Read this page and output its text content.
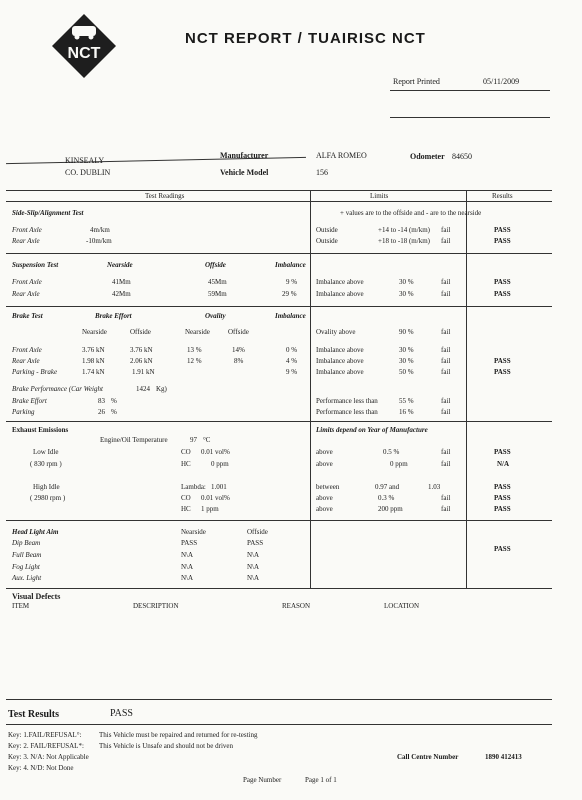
NCT
NCT REPORT / TUAIRISC NCT
Report Printed	05/11/2009
KINSEALY
Manufacturer	ALFA ROMEO	Odometer 84650
CO. DUBLIN	Vehicle Model	156
Test Readings	Limits	Results
Side-Slip/Alignment Test	+ values are to the offside and - are to the nearside
Front Axle	4m/km	Outside	+14 to -14 (m/km) fail	PASS
Rear Axle	-10m/km	Outside	+18 to -18 (m/km) fail	PASS
Suspension Test	Nearside	Offside	Imbalance
Front Axle	41Mm	45Mm	9 %	Imbalance above	30 %	fail	PASS
Rear Axle	42Mm	59Mm	29 %	Imbalance above	30 %	fail	PASS
Brake Test	Brake Effort	Ovality	Imbalance
Nearside	Offside	Nearside	Offside	Ovality above	90 %	fail
Front Axle	3.76 kN	3.76 kN	13 %	14%	0 %	Imbalance above	30 %	fail
Rear Axle	1.98 kN	2.06 kN	12 %	8%	4 %	Imbalance above	30 %	fail	PASS
Parking - Brake	1.74 kN	1.91 kN	9 %	Imbalance above	50 %	fail	PASS
Brake Performance (Car Weight	1424 Kg)
Brake Effort	83 %	Performance less than	55 %	fail
Parking	26 %	Performance less than	16 %	fail
Exhaust Emissions	Limits depend on Year of Manufacture
Engine/Oil Temperature	97 °C
Low Idle
( 830 rpm )
CO 0.01 vol%	above	0.5 %	fail	PASS
HC	0 ppm	above	0 ppm	fail	N/A
High Idle
( 2980 rpm )
Lambda: 1.001	between	0.97 and	1.03	PASS
CO 0.01 vol%	above	0.3 %	fail	PASS
HC 1 ppm	above	200 ppm	fail	PASS
Head Light Aim	Nearside	Offside
Dip Beam	PASS	PASS
Full Beam	N\A	N\A
Fog Light	N\A	N\A
Aux. Light	N\A	N\A
PASS
Visual Defects
ITEM	DESCRIPTION	REASON	LOCATION
Test Results	PASS
Key: 1.FAIL/REFUSAL°:	This Vehicle must be repaired and returned for re-testing
Key: 2. FAIL/REFUSAL*: This Vehicle is Unsafe and should not be driven
Key: 3. N/A: Not Applicable
Key: 4. N/D: Not Done
Call Centre Number	1890 412413
Page Number	Page 1 of 1
